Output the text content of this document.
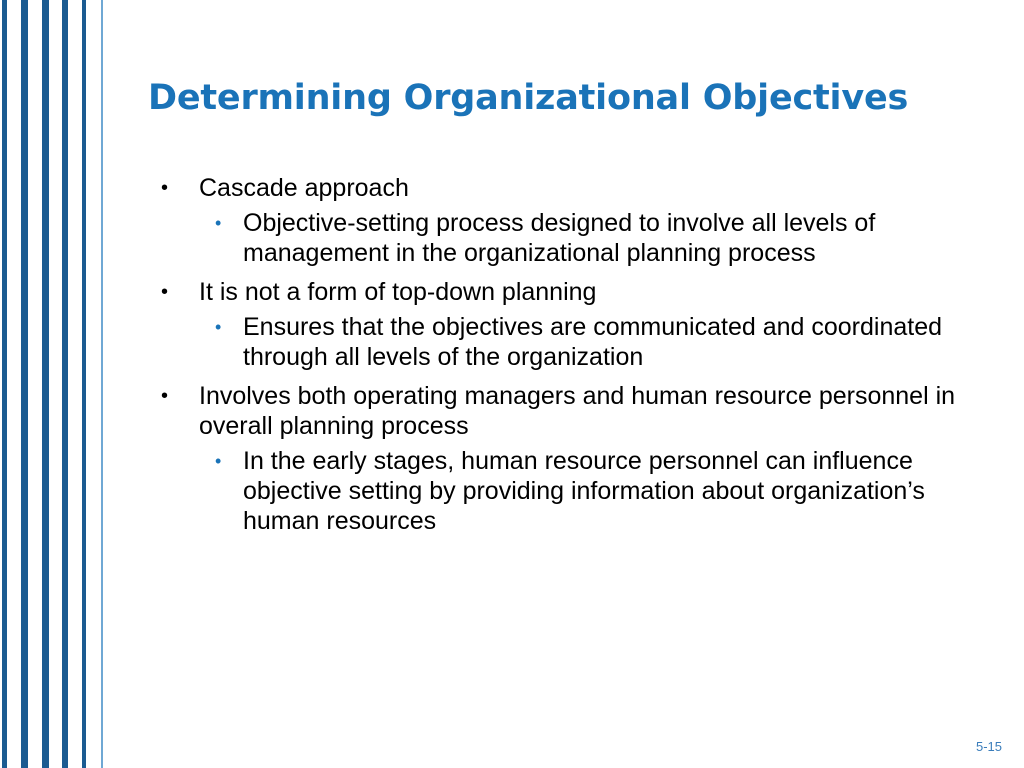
Determining Organizational Objectives
• Cascade approach
• Objective-setting process designed to involve all levels of management in the organizational planning process
• It is not a form of top-down planning
• Ensures that the objectives are communicated and coordinated through all levels of the organization
• Involves both operating managers and human resource personnel in overall planning process
• In the early stages, human resource personnel can influence objective setting by providing information about organization’s human resources
5-15
